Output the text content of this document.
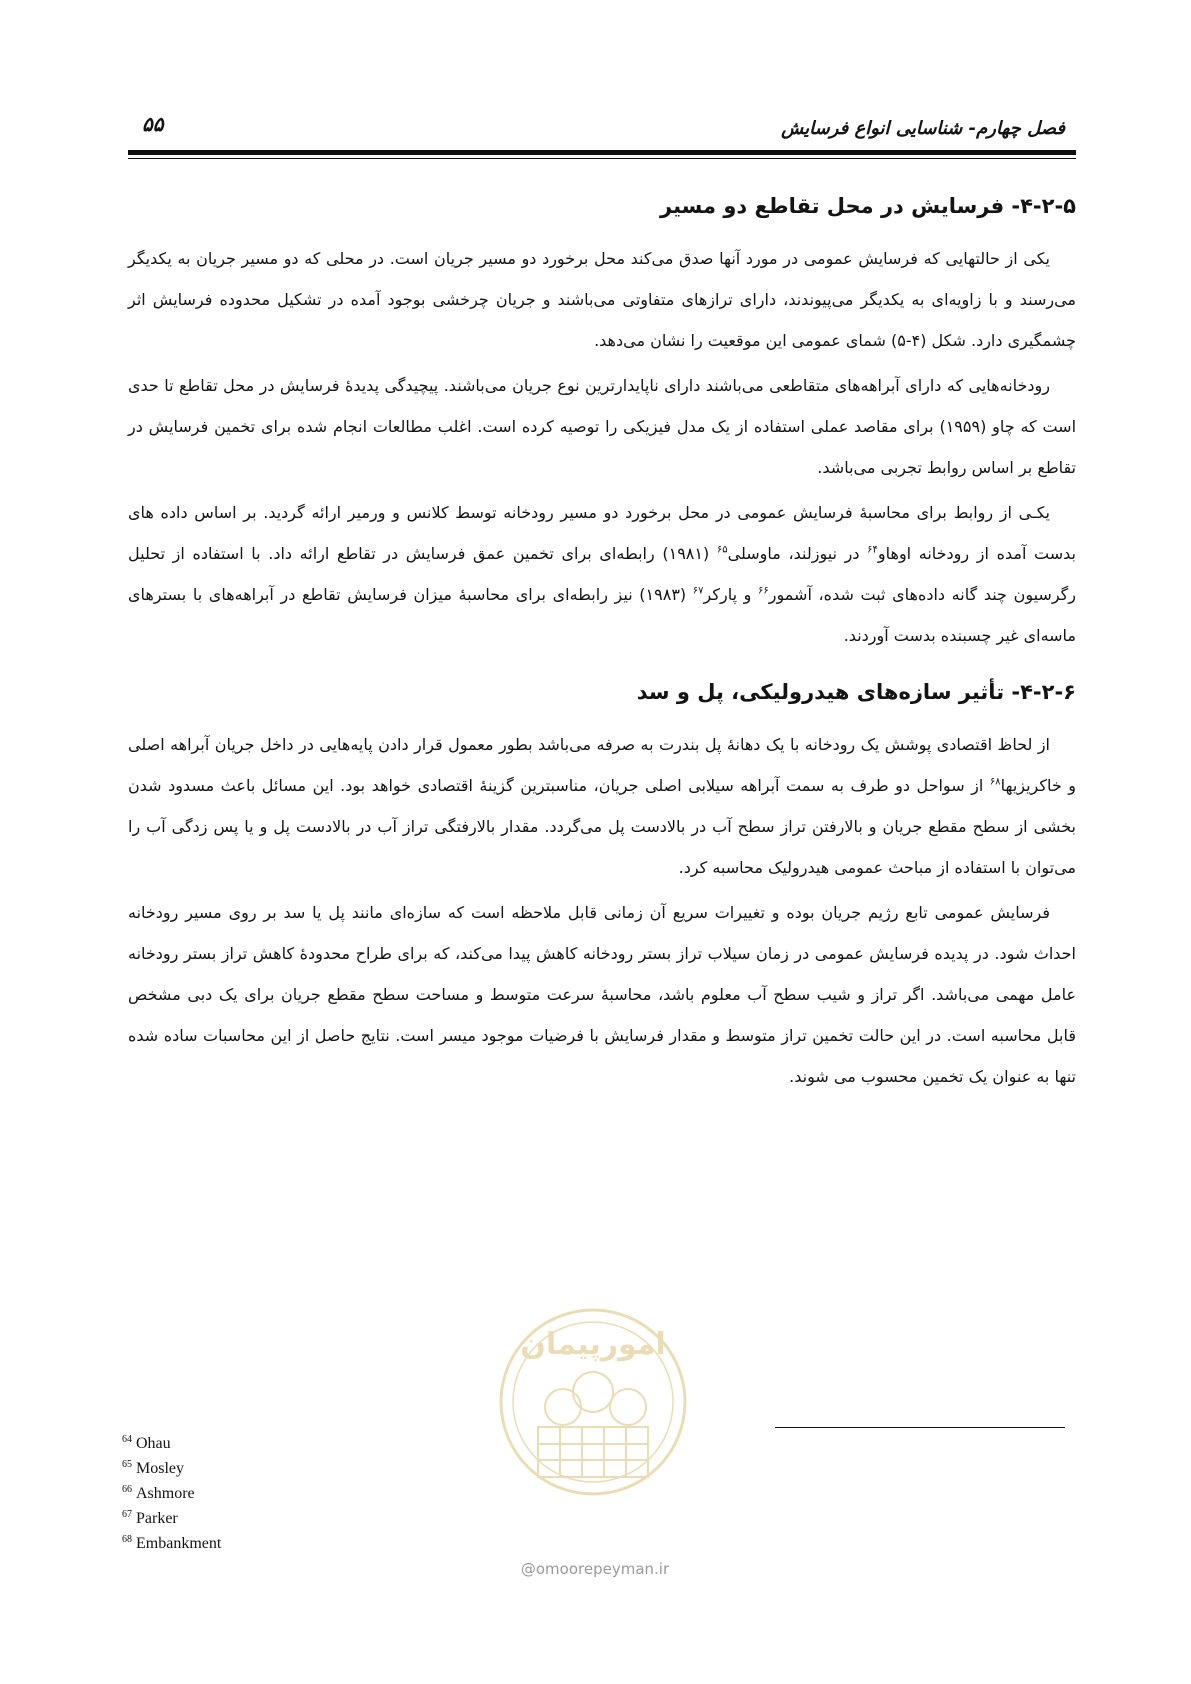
۵۵	فصل چهارم- شناسایی انواع فرسایش
۴-۲-۵- فرسایش در محل تقاطع دو مسیر

یکی از حالتهایی که فرسایش عمومی در مورد آنها صدق می‌کند محل برخورد دو مسیر جریان است. در محلی که دو مسیر جریان به یکدیگر می‌رسند و با زاویه‌ای به یکدیگر می‌پیوندند، دارای ترازهای متفاوتی می‌باشند و جریان چرخشی بوجود آمده در تشکیل محدوده فرسایش اثر چشمگیری دارد. شکل (۴-۵) شمای عمومی این موقعیت را نشان می‌دهد.

رودخانه‌هایی که دارای آبراهه‌های متقاطعی می‌باشند دارای ناپایدارترین نوع جریان می‌باشند. پیچیدگی پدیدهٔ فرسایش در محل تقاطع تا حدی است که چاو (۱۹۵۹) برای مقاصد عملی استفاده از یک مدل فیزیکی را توصیه کرده است. اغلب مطالعات انجام شده برای تخمین فرسایش در تقاطع بر اساس روابط تجربی می‌باشد.

یکـی از روابط برای محاسبهٔ فرسایش عمومی در محل برخورد دو مسیر رودخانه توسط کلانس و ورمیر ارائه گردید. بر اساس داده های بدست آمده از رودخانه اوهاو$^{۶۴}$ در نیوزلند، ماوسلی$^{۶۵}$ (۱۹۸۱) رابطه‌ای برای تخمین عمق فرسایش در تقاطع ارائه داد. با استفاده از تحلیل رگرسیون چند گانه داده‌های ثبت شده، آشمور$^{۶۶}$ و پارکر$^{۶۷}$ (۱۹۸۳) نیز رابطه‌ای برای محاسبهٔ میزان فرسایش تقاطع در آبراهه‌های با بسترهای ماسه‌ای غیر چسبنده بدست آوردند.

۴-۲-۶- تأثیر سازه‌های هیدرولیکی، پل و سد

از لحاظ اقتصادی پوشش یک رودخانه با یک دهانهٔ پل بندرت به صرفه می‌باشد بطور معمول قرار دادن پایه‌هایی در داخل جریان آبراهه اصلی و خاکریزیها$^{۶۸}$ از سواحل دو طرف به سمت آبراهه سیلابی اصلی جریان، مناسبترین گزینهٔ اقتصادی خواهد بود. این مسائل باعث مسدود شدن بخشی از سطح مقطع جریان و بالارفتن تراز سطح آب در بالادست پل می‌گردد. مقدار بالارفتگی تراز آب در بالادست پل و یا پس زدگی آب را می‌توان با استفاده از مباحث عمومی هیدرولیک محاسبه کرد.

فرسایش عمومی تابع رژیم جریان بوده و تغییرات سریع آن زمانی قابل ملاحظه است که سازه‌ای مانند پل یا سد بر روی مسیر رودخانه احداث شود. در پدیده فرسایش عمومی در زمان سیلاب تراز بستر رودخانه کاهش پیدا می‌کند، که برای طراح محدودهٔ کاهش تراز بستر رودخانه عامل مهمی می‌باشد. اگر تراز و شیب سطح آب معلوم باشد، محاسبهٔ سرعت متوسط و مساحت سطح مقطع جریان برای یک دبی مشخص قابل محاسبه است. در این حالت تخمین تراز متوسط و مقدار فرسایش با فرضیات موجود میسر است. نتایج حاصل از این محاسبات ساده شده تنها به عنوان یک تخمین محسوب می شوند.

امورپیمان
@omoorepeyman.ir
64 Ohau
65 Mosley
66 Ashmore
67 Parker
68 Embankment
